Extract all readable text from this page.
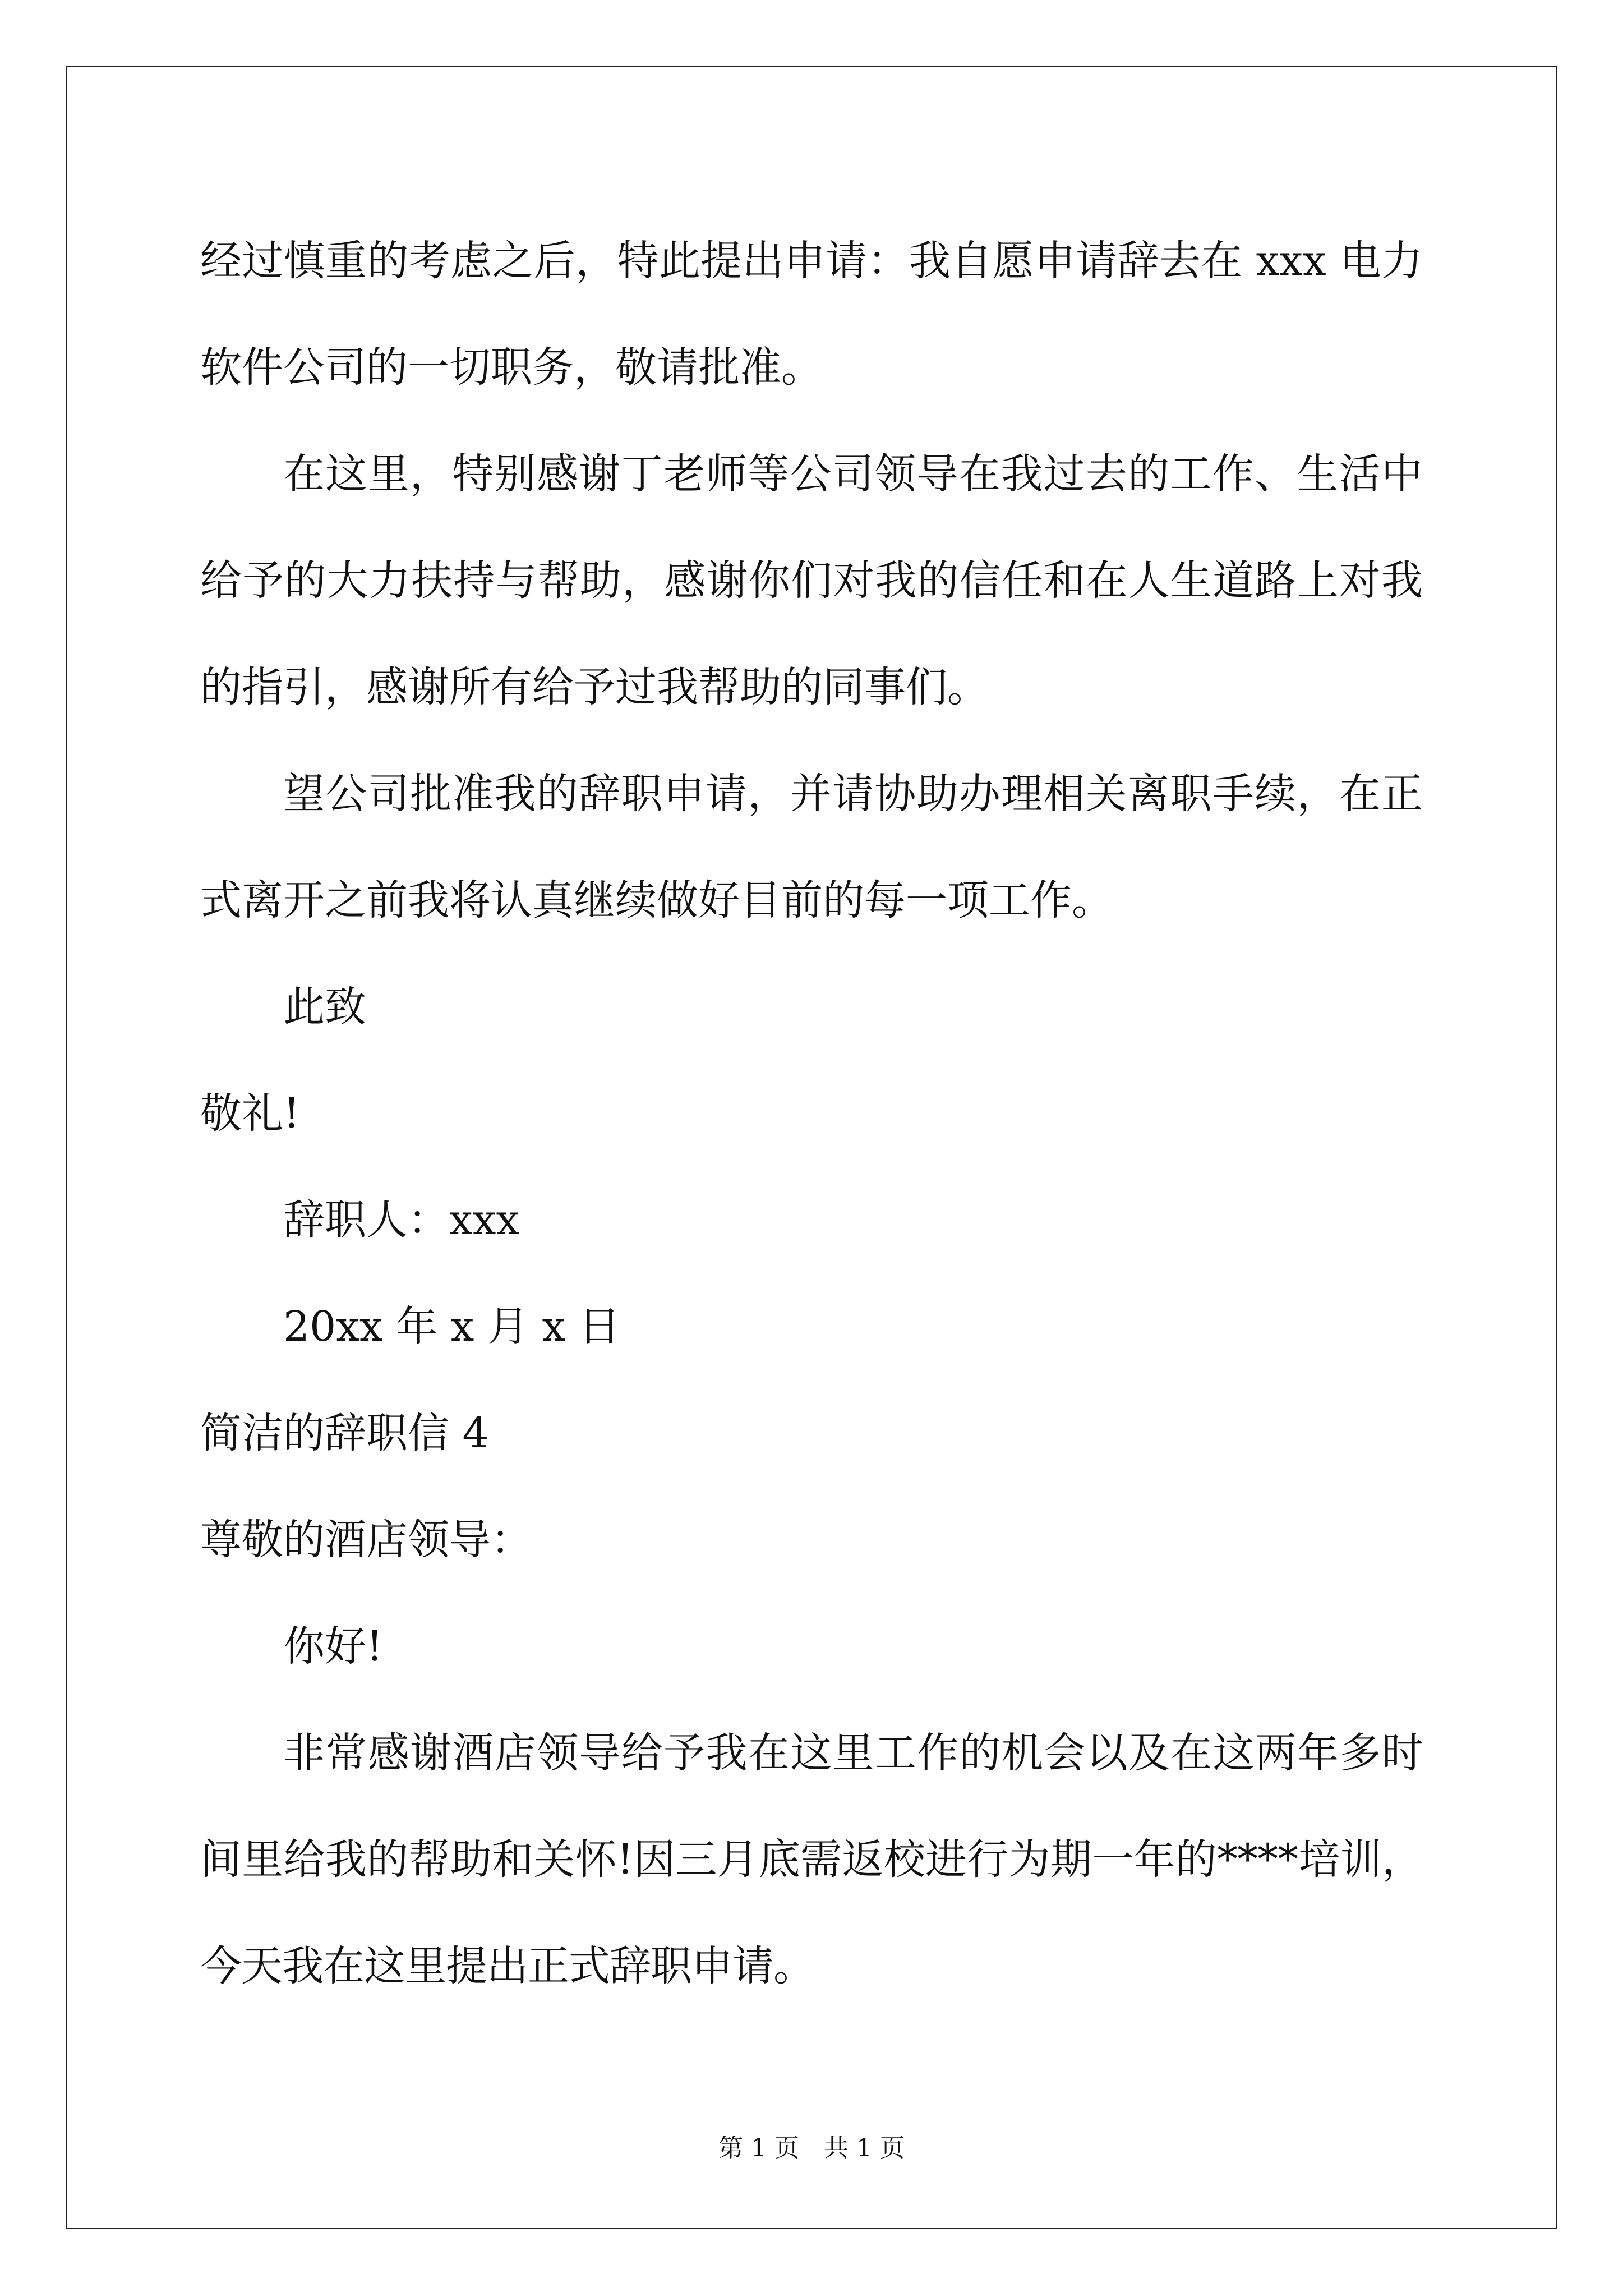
经过慎重的考虑之后，特此提出申请：我自愿申请辞去在 xxx 电力软件公司的一切职务，敬请批准。

在这里，特别感谢丁老师等公司领导在我过去的工作、生活中给予的大力扶持与帮助，感谢你们对我的信任和在人生道路上对我的指引，感谢所有给予过我帮助的同事们。

望公司批准我的辞职申请，并请协助办理相关离职手续，在正式离开之前我将认真继续做好目前的每一项工作。

此致

敬礼!

辞职人：xxx

20xx 年 x 月 x 日

简洁的辞职信 4

尊敬的酒店领导：

你好!

非常感谢酒店领导给予我在这里工作的机会以及在这两年多时间里给我的帮助和关怀!因三月底需返校进行为期一年的****培训，今天我在这里提出正式辞职申请。

第 1 页　共 1 页
